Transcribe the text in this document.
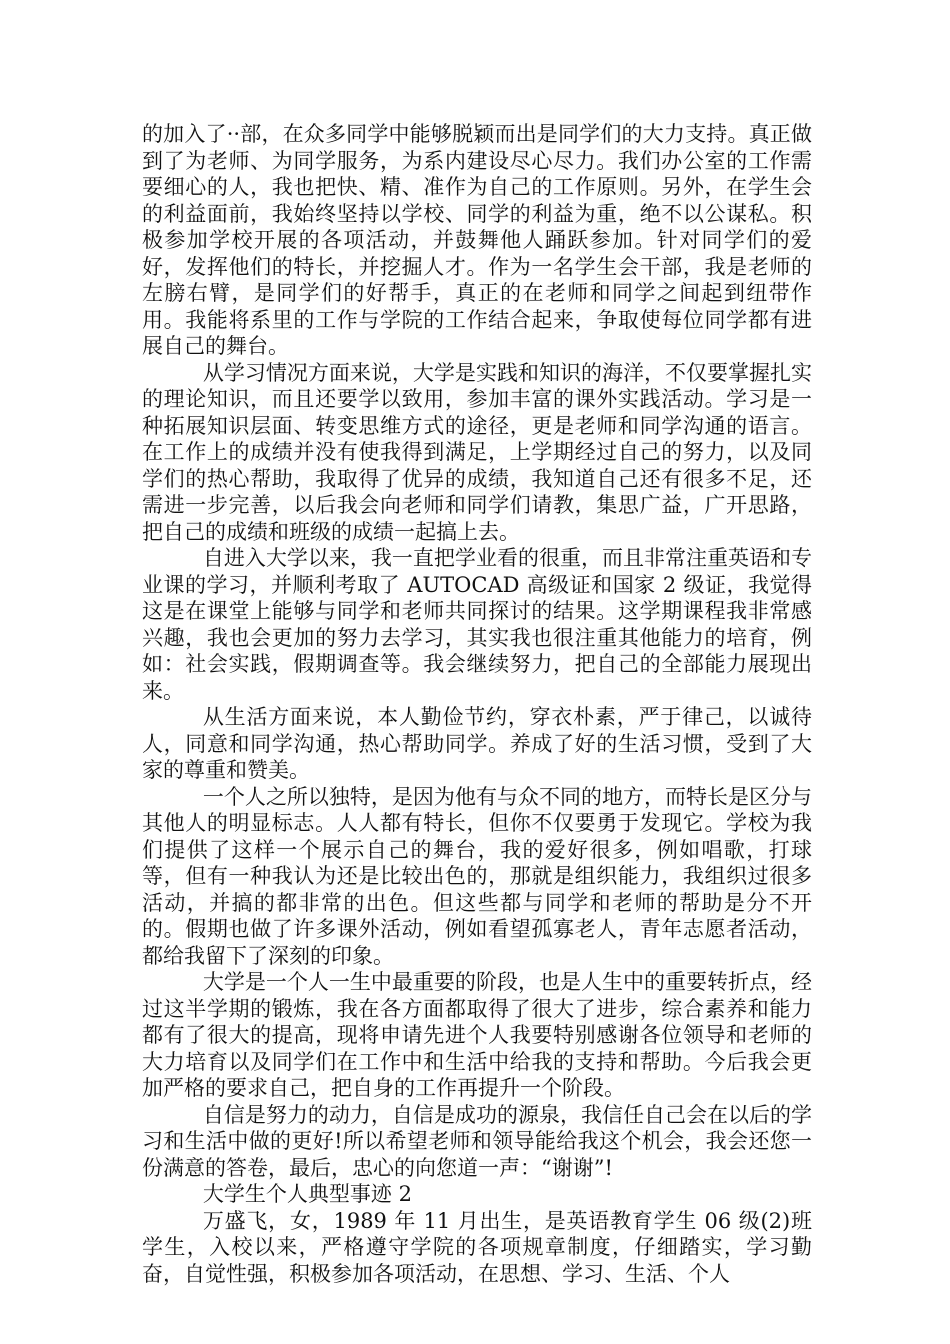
的加入了··部，在众多同学中能够脱颖而出是同学们的大力支持。真正做到了为老师、为同学服务，为系内建设尽心尽力。我们办公室的工作需要细心的人，我也把快、精、准作为自己的工作原则。另外，在学生会的利益面前，我始终坚持以学校、同学的利益为重，绝不以公谋私。积极参加学校开展的各项活动，并鼓舞他人踊跃参加。针对同学们的爱好，发挥他们的特长，并挖掘人才。作为一名学生会干部，我是老师的左膀右臂，是同学们的好帮手，真正的在老师和同学之间起到纽带作用。我能将系里的工作与学院的工作结合起来，争取使每位同学都有进展自己的舞台。

从学习情况方面来说，大学是实践和知识的海洋，不仅要掌握扎实的理论知识，而且还要学以致用，参加丰富的课外实践活动。学习是一种拓展知识层面、转变思维方式的途径，更是老师和同学沟通的语言。在工作上的成绩并没有使我得到满足，上学期经过自己的努力，以及同学们的热心帮助，我取得了优异的成绩，我知道自己还有很多不足，还需进一步完善，以后我会向老师和同学们请教，集思广益，广开思路，把自己的成绩和班级的成绩一起搞上去。

自进入大学以来，我一直把学业看的很重，而且非常注重英语和专业课的学习，并顺利考取了 AUTOCAD 高级证和国家 2 级证，我觉得这是在课堂上能够与同学和老师共同探讨的结果。这学期课程我非常感兴趣，我也会更加的努力去学习，其实我也很注重其他能力的培育，例如：社会实践，假期调查等。我会继续努力，把自己的全部能力展现出来。

从生活方面来说，本人勤俭节约，穿衣朴素，严于律己，以诚待人，同意和同学沟通，热心帮助同学。养成了好的生活习惯，受到了大家的尊重和赞美。

一个人之所以独特，是因为他有与众不同的地方，而特长是区分与其他人的明显标志。人人都有特长，但你不仅要勇于发现它。学校为我们提供了这样一个展示自己的舞台，我的爱好很多，例如唱歌，打球等，但有一种我认为还是比较出色的，那就是组织能力，我组织过很多活动，并搞的都非常的出色。但这些都与同学和老师的帮助是分不开的。假期也做了许多课外活动，例如看望孤寡老人，青年志愿者活动，都给我留下了深刻的印象。

大学是一个人一生中最重要的阶段，也是人生中的重要转折点，经过这半学期的锻炼，我在各方面都取得了很大了进步，综合素养和能力都有了很大的提高，现将申请先进个人我要特别感谢各位领导和老师的大力培育以及同学们在工作中和生活中给我的支持和帮助。今后我会更加严格的要求自己，把自身的工作再提升一个阶段。

自信是努力的动力，自信是成功的源泉，我信任自己会在以后的学习和生活中做的更好!所以希望老师和领导能给我这个机会，我会还您一份满意的答卷，最后，忠心的向您道一声：“谢谢”!

大学生个人典型事迹 2

万盛飞，女，1989 年 11 月出生，是英语教育学生 06 级(2)班学生，入校以来，严格遵守学院的各项规章制度，仔细踏实，学习勤奋，自觉性强，积极参加各项活动，在思想、学习、生活、个人
